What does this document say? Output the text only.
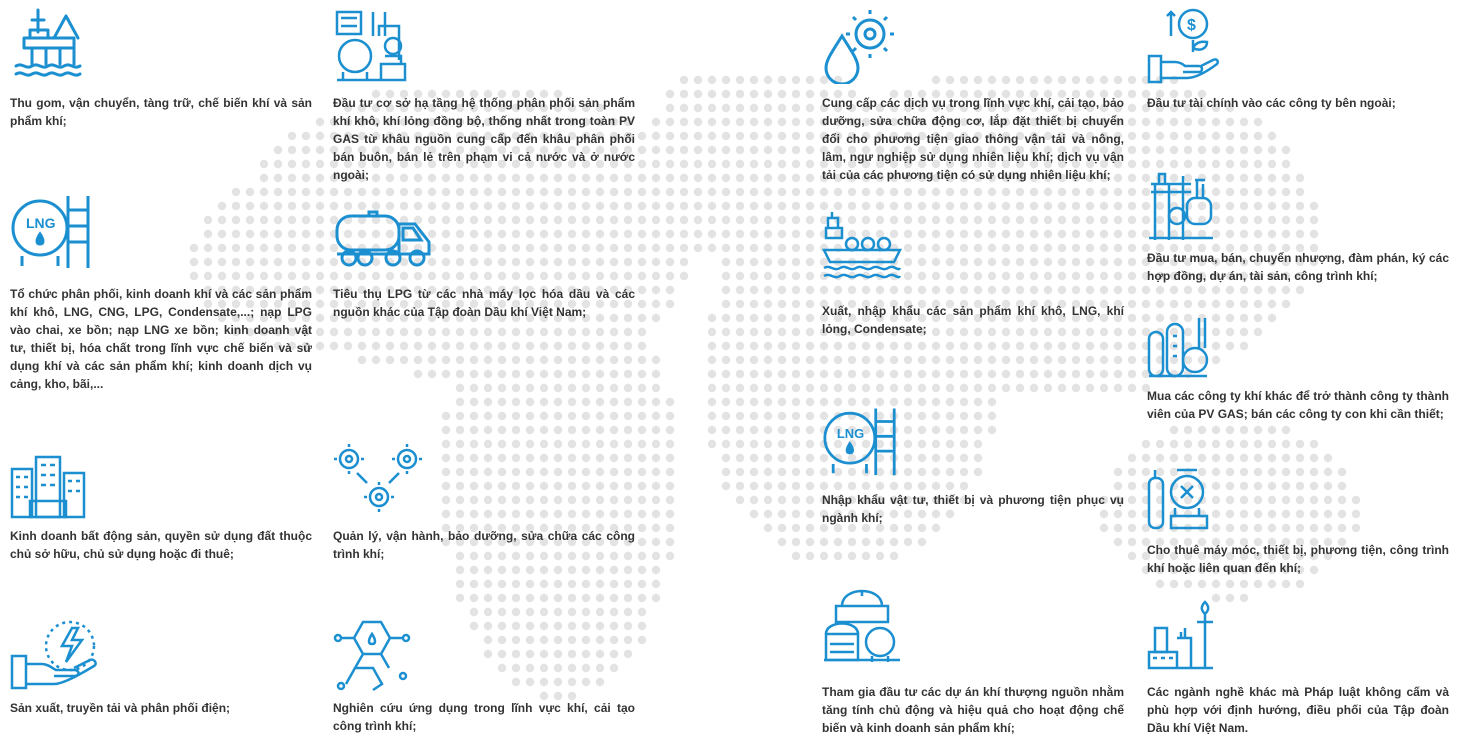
Thu gom, vận chuyển, tàng trữ, chế biến khí và sản phẩm khí;
LNG
Tổ chức phân phối, kinh doanh khí và các sản phẩm khí khô, LNG, CNG, LPG, Condensate,...; nạp LPG vào chai, xe bồn; nạp LNG xe bồn; kinh doanh vật tư, thiết bị, hóa chất trong lĩnh vực chế biến và sử dụng khí và các sản phẩm khí; kinh doanh dịch vụ cảng, kho, bãi,...
Kinh doanh bất động sản, quyền sử dụng đất thuộc chủ sở hữu, chủ sử dụng hoặc đi thuê;
Sản xuất, truyền tải và phân phối điện;
Đầu tư cơ sở hạ tầng hệ thống phân phối sản phẩm khí khô, khí lỏng đồng bộ, thống nhất trong toàn PV GAS từ khâu nguồn cung cấp đến khâu phân phối bán buôn, bán lẻ trên phạm vi cả nước và ở nước ngoài;
Tiêu thụ LPG từ các nhà máy lọc hóa dầu và các nguồn khác của Tập đoàn Dầu khí Việt Nam;
Quản lý, vận hành, bảo dưỡng, sửa chữa các công trình khí;
Nghiên cứu ứng dụng trong lĩnh vực khí, cải tạo công trình khí;
Cung cấp các dịch vụ trong lĩnh vực khí, cải tạo, bảo dưỡng, sửa chữa động cơ, lắp đặt thiết bị chuyển đổi cho phương tiện giao thông vận tải và nông, lâm, ngư nghiệp sử dụng nhiên liệu khí; dịch vụ vận tải của các phương tiện có sử dụng nhiên liệu khí;
Xuất, nhập khẩu các sản phẩm khí khô, LNG, khí lỏng, Condensate;
LNG
Nhập khẩu vật tư, thiết bị và phương tiện phục vụ ngành khí;
Tham gia đầu tư các dự án khí thượng nguồn nhằm tăng tính chủ động và hiệu quả cho hoạt động chế biến và kinh doanh sản phẩm khí;
$
Đầu tư tài chính vào các công ty bên ngoài;
Đầu tư mua, bán, chuyển nhượng, đàm phán, ký các hợp đồng, dự án, tài sản, công trình khí;
Mua các công ty khí khác để trở thành công ty thành viên của PV GAS; bán các công ty con khi cần thiết;
Cho thuê máy móc, thiết bị, phương tiện, công trình khí hoặc liên quan đến khí;
Các ngành nghề khác mà Pháp luật không cấm và phù hợp với định hướng, điều phối của Tập đoàn Dầu khí Việt Nam.
